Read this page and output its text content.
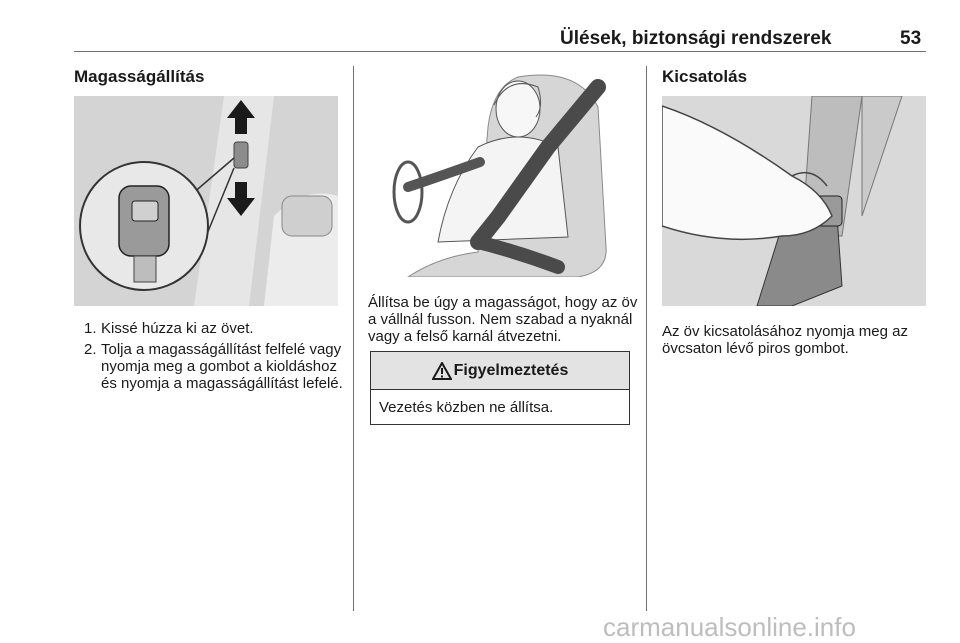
Ülések, biztonsági rendszerek	53
Magasságállítás
1. Kissé húzza ki az övet.
2. Tolja a magasságállítást felfelé vagy nyomja meg a gombot a kioldáshoz és nyomja a magasságállítást lefelé.
Állítsa be úgy a magasságot, hogy az öv a vállnál fusson. Nem szabad a nyaknál vagy a felső karnál átvezetni.
Figyelmeztetés
Vezetés közben ne állítsa.
Kicsatolás
Az öv kicsatolásához nyomja meg az övcsaton lévő piros gombot.
carmanualsonline.info
